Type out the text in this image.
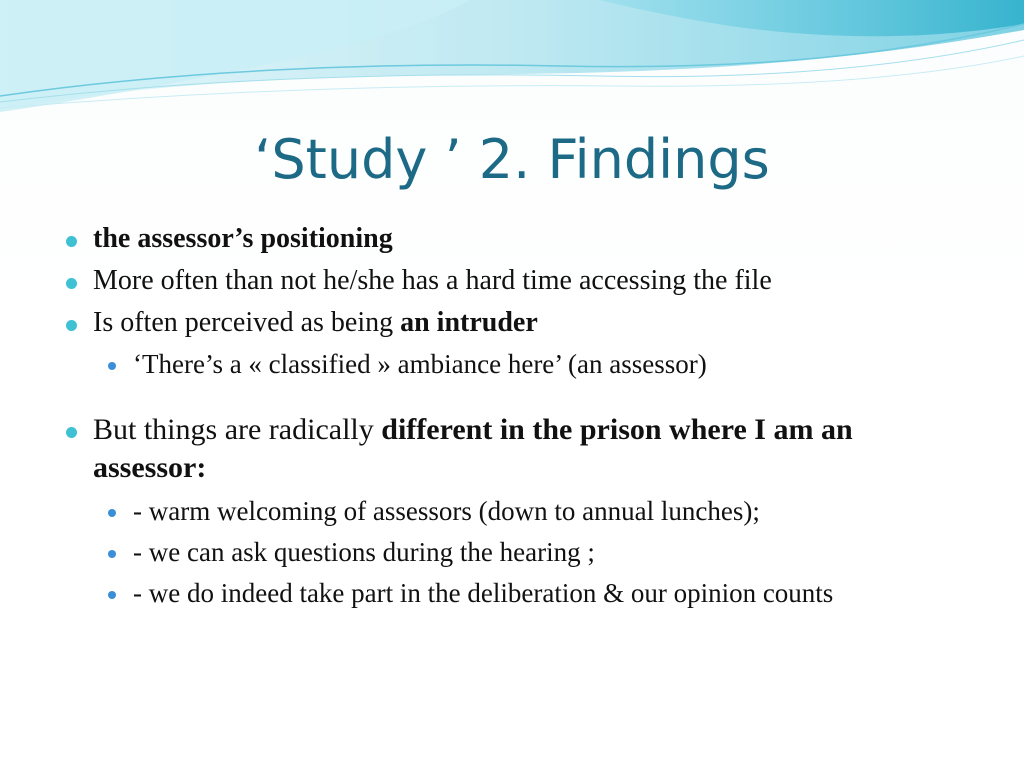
‘Study ’ 2. Findings
the assessor’s positioning
More often than not he/she has a hard time accessing the file
Is often perceived as being an intruder
‘There’s a « classified » ambiance here’ (an assessor)
But things are radically different in the prison where I am an assessor:
- warm welcoming of assessors (down to annual lunches);
- we can ask questions during the hearing ;
- we do indeed take part in the deliberation & our opinion counts
